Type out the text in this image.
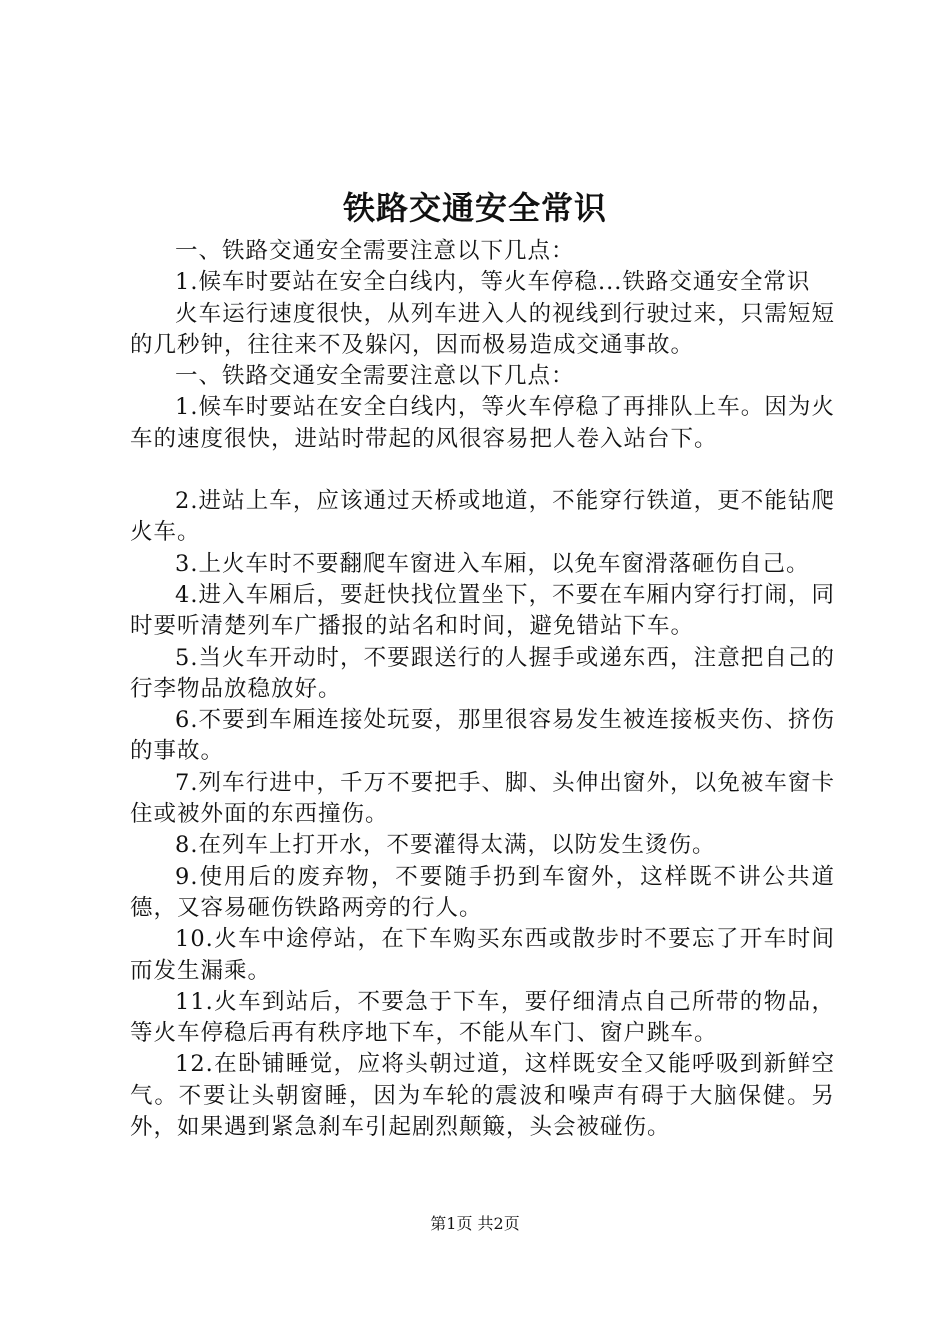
铁路交通安全常识

一、铁路交通安全需要注意以下几点：

1.候车时要站在安全白线内，等火车停稳...铁路交通安全常识

火车运行速度很快，从列车进入人的视线到行驶过来，只需短短的几秒钟，往往来不及躲闪，因而极易造成交通事故。

一、铁路交通安全需要注意以下几点：

1.候车时要站在安全白线内，等火车停稳了再排队上车。因为火车的速度很快，进站时带起的风很容易把人卷入站台下。

2.进站上车，应该通过天桥或地道，不能穿行铁道，更不能钻爬火车。

3.上火车时不要翻爬车窗进入车厢，以免车窗滑落砸伤自己。

4.进入车厢后，要赶快找位置坐下，不要在车厢内穿行打闹，同时要听清楚列车广播报的站名和时间，避免错站下车。

5.当火车开动时，不要跟送行的人握手或递东西，注意把自己的行李物品放稳放好。

6.不要到车厢连接处玩耍，那里很容易发生被连接板夹伤、挤伤的事故。

7.列车行进中，千万不要把手、脚、头伸出窗外，以免被车窗卡住或被外面的东西撞伤。

8.在列车上打开水，不要灌得太满，以防发生烫伤。

9.使用后的废弃物，不要随手扔到车窗外，这样既不讲公共道德，又容易砸伤铁路两旁的行人。

10.火车中途停站，在下车购买东西或散步时不要忘了开车时间而发生漏乘。

11.火车到站后，不要急于下车，要仔细清点自己所带的物品，等火车停稳后再有秩序地下车，不能从车门、窗户跳车。

12.在卧铺睡觉，应将头朝过道，这样既安全又能呼吸到新鲜空气。不要让头朝窗睡，因为车轮的震波和噪声有碍于大脑保健。另外，如果遇到紧急刹车引起剧烈颠簸，头会被碰伤。

第1页 共2页
